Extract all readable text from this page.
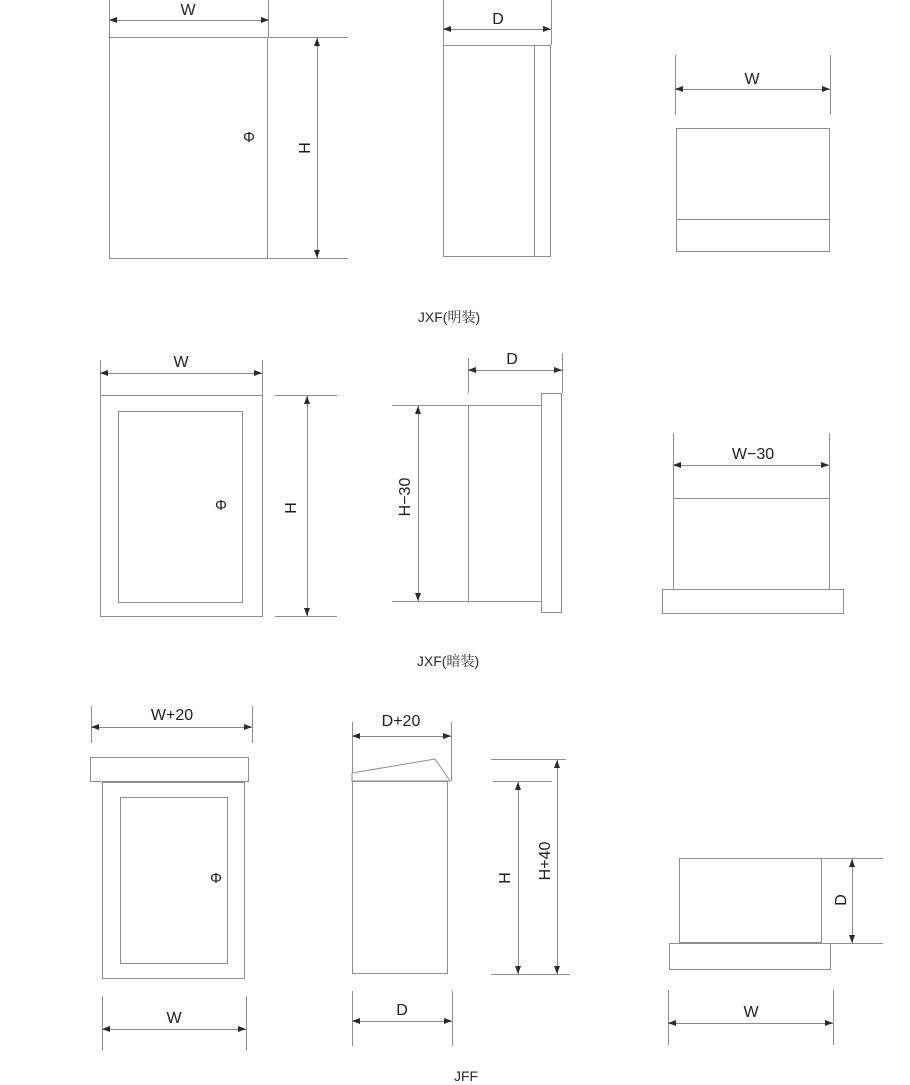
W
H
Φ
D
W
JXF(明装)
W
Φ	H
D
H−30
W−30
JXF(暗装)
W+20
Φ
W
D+20
H H+40
D
D
W
JFF
